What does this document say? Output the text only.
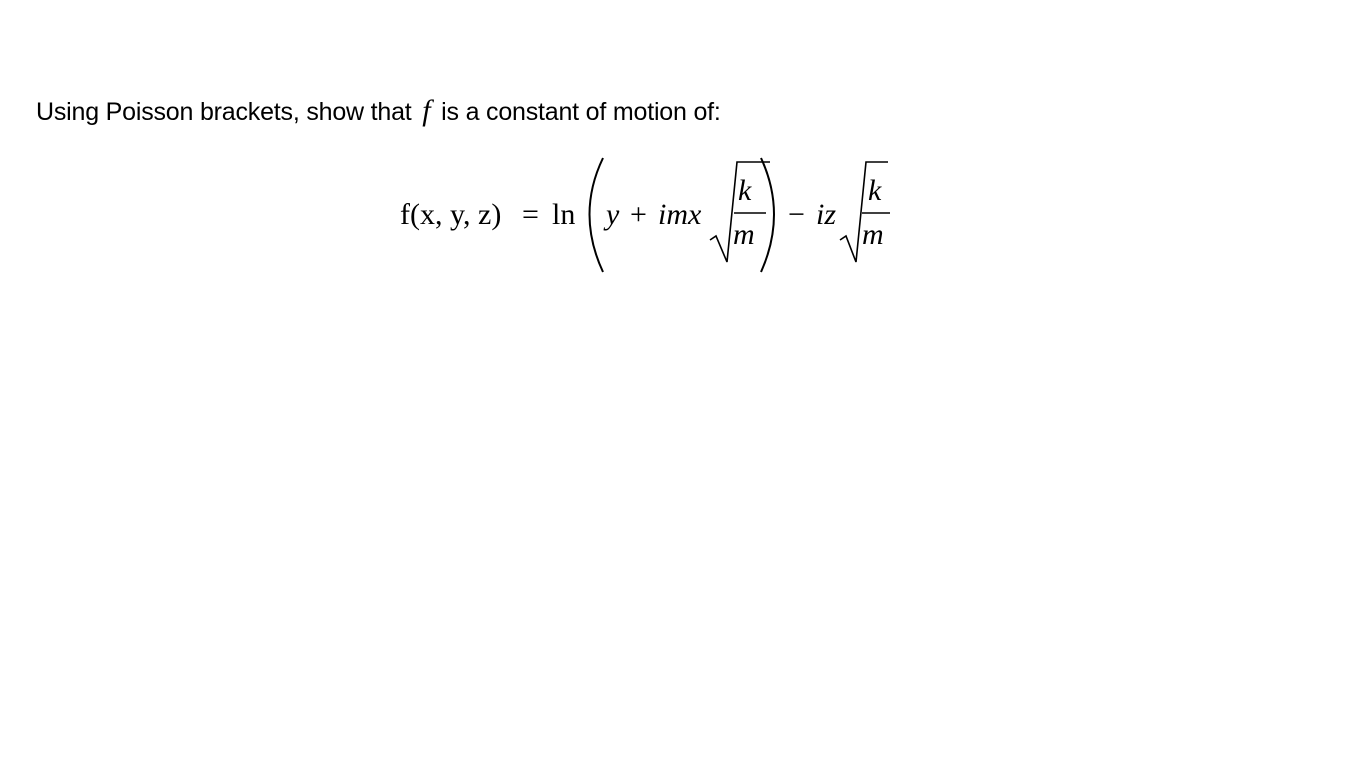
Using Poisson brackets, show that f is a constant of motion of:
f(x, y, z) = ln y + imx
k
m
− iz
k
m
